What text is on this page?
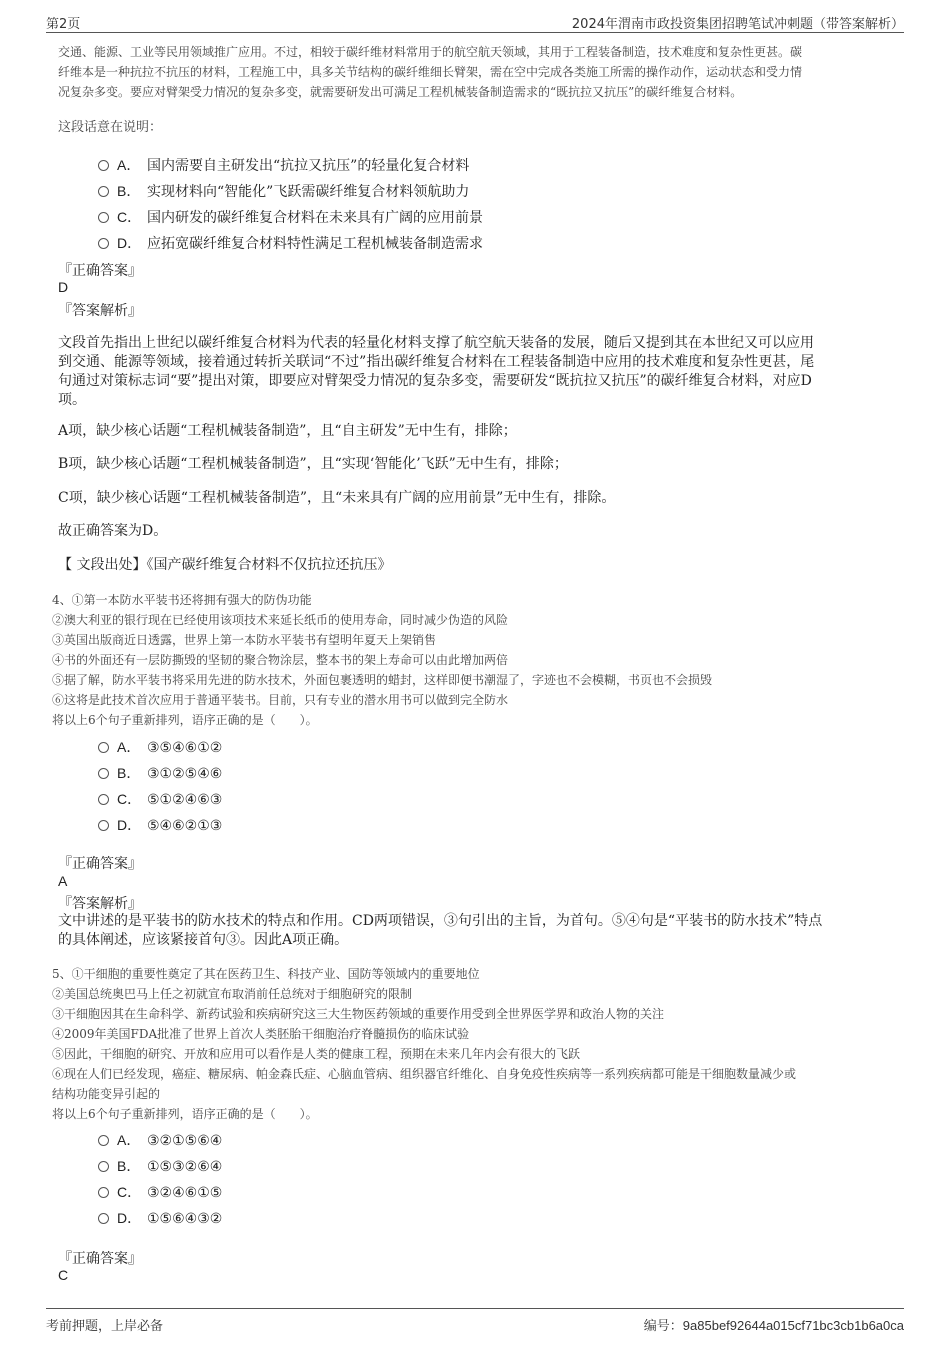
第2页	2024年渭南市政投资集团招聘笔试冲刺题（带答案解析）
交通、能源、工业等民用领域推广应用。不过，相较于碳纤维材料常用于的航空航天领域，其用于工程装备制造，技术难度和复杂性更甚。碳
纤维本是一种抗拉不抗压的材料，工程施工中，具多关节结构的碳纤维细长臂架，需在空中完成各类施工所需的操作动作，运动状态和受力情
况复杂多变。要应对臂架受力情况的复杂多变，就需要研发出可满足工程机械装备制造需求的“既抗拉又抗压”的碳纤维复合材料。
这段话意在说明：
A． 国内需要自主研发出“抗拉又抗压”的轻量化复合材料
B． 实现材料向“智能化”飞跃需碳纤维复合材料领航助力
C． 国内研发的碳纤维复合材料在未来具有广阔的应用前景
D． 应拓宽碳纤维复合材料特性满足工程机械装备制造需求
『正确答案』
D
『答案解析』
文段首先指出上世纪以碳纤维复合材料为代表的轻量化材料支撑了航空航天装备的发展，随后又提到其在本世纪又可以应用
到交通、能源等领域，接着通过转折关联词“不过”指出碳纤维复合材料在工程装备制造中应用的技术难度和复杂性更甚，尾
句通过对策标志词“要”提出对策，即要应对臂架受力情况的复杂多变，需要研发“既抗拉又抗压”的碳纤维复合材料，对应D
项。
A项，缺少核心话题“工程机械装备制造”，且“自主研发”无中生有，排除；
B项，缺少核心话题“工程机械装备制造”，且“实现‘智能化’飞跃”无中生有，排除；
C项，缺少核心话题“工程机械装备制造”，且“未来具有广阔的应用前景”无中生有，排除。
故正确答案为D。
【 文段出处】《国产碳纤维复合材料不仅抗拉还抗压》
4、①第一本防水平装书还将拥有强大的防伪功能
②澳大利亚的银行现在已经使用该项技术来延长纸币的使用寿命，同时减少伪造的风险
③英国出版商近日透露，世界上第一本防水平装书有望明年夏天上架销售
④书的外面还有一层防撕毁的坚韧的聚合物涂层，整本书的架上寿命可以由此增加两倍
⑤据了解，防水平装书将采用先进的防水技术，外面包裹透明的蜡封，这样即便书潮湿了，字迹也不会模糊，书页也不会损毁
⑥这将是此技术首次应用于普通平装书。目前，只有专业的潜水用书可以做到完全防水
将以上6个句子重新排列，语序正确的是（　　）。
A． ③⑤④⑥①②
B． ③①②⑤④⑥
C． ⑤①②④⑥③
D． ⑤④⑥②①③
『正确答案』
A
『答案解析』
文中讲述的是平装书的防水技术的特点和作用。CD两项错误，③句引出的主旨，为首句。⑤④句是“平装书的防水技术”特点
的具体阐述，应该紧接首句③。因此A项正确。
5、①干细胞的重要性奠定了其在医药卫生、科技产业、国防等领域内的重要地位
②美国总统奥巴马上任之初就宣布取消前任总统对于细胞研究的限制
③干细胞因其在生命科学、新药试验和疾病研究这三大生物医药领域的重要作用受到全世界医学界和政治人物的关注
④2009年美国FDA批准了世界上首次人类胚胎干细胞治疗脊髓损伤的临床试验
⑤因此，干细胞的研究、开放和应用可以看作是人类的健康工程，预期在未来几年内会有很大的飞跃
⑥现在人们已经发现，癌症、糖尿病、帕金森氏症、心脑血管病、组织器官纤维化、自身免疫性疾病等一系列疾病都可能是干细胞数量减少或
结构功能变异引起的
将以上6个句子重新排列，语序正确的是（　　）。
A． ③②①⑤⑥④
B． ①⑤③②⑥④
C． ③②④⑥①⑤
D． ①⑤⑥④③②
『正确答案』
C
考前押题，上岸必备	编号：9a85bef92644a015cf71bc3cb1b6a0ca
